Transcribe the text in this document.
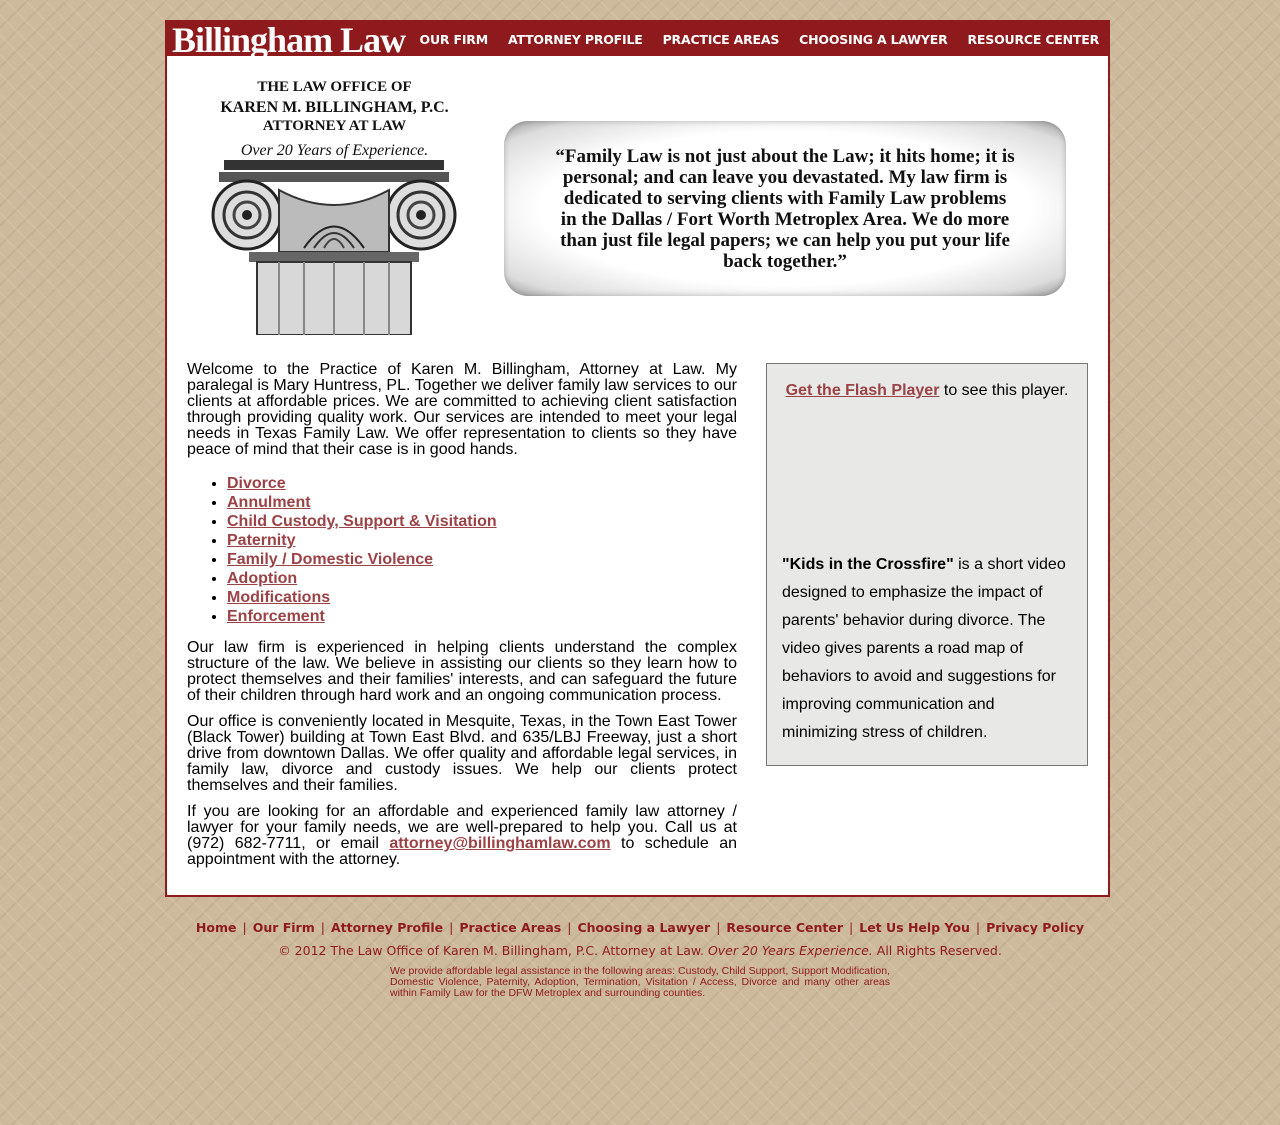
Billingham Law OUR FIRM ATTORNEY PROFILE PRACTICE AREAS CHOOSING A LAWYER RESOURCE CENTER
THE LAW OFFICE OF
KAREN M. BILLINGHAM, P.C.
ATTORNEY AT LAW
Over 20 Years of Experience.	“Family Law is not just about the Law; it hits home; it is personal; and can leave you devastated. My law firm is dedicated to serving clients with Family Law problems in the Dallas / Fort Worth Metroplex Area. We do more than just file legal papers; we can help you put your life back together.”

Welcome to the Practice of Karen M. Billingham, Attorney at Law. My paralegal is Mary Huntress, PL. Together we deliver family law services to our clients at affordable prices. We are committed to achieving client satisfaction through providing quality work. Our services are intended to meet your legal needs in Texas Family Law. We offer representation to clients so they have peace of mind that their case is in good hands.

• Divorce
• Annulment
• Child Custody, Support & Visitation
• Paternity
• Family / Domestic Violence
• Adoption
• Modifications
• Enforcement

Our law firm is experienced in helping clients understand the complex structure of the law. We believe in assisting our clients so they learn how to protect themselves and their families' interests, and can safeguard the future of their children through hard work and an ongoing communication process.

Our office is conveniently located in Mesquite, Texas, in the Town East Tower (Black Tower) building at Town East Blvd. and 635/LBJ Freeway, just a short drive from downtown Dallas. We offer quality and affordable legal services, in family law, divorce and custody issues. We help our clients protect themselves and their families.

If you are looking for an affordable and experienced family law attorney / lawyer for your family needs, we are well-prepared to help you. Call us at (972) 682-7711, or email attorney@billinghamlaw.com to schedule an appointment with the attorney.

Get the Flash Player to see this player.
"Kids in the Crossfire" is a short video designed to emphasize the impact of parents' behavior during divorce. The video gives parents a road map of behaviors to avoid and suggestions for improving communication and minimizing stress of children.
Home | Our Firm | Attorney Profile | Practice Areas | Choosing a Lawyer | Resource Center | Let Us Help You | Privacy Policy
© 2012 The Law Office of Karen M. Billingham, P.C. Attorney at Law. Over 20 Years Experience. All Rights Reserved.
We provide affordable legal assistance in the following areas: Custody, Child Support, Support Modification, Domestic Violence, Paternity, Adoption, Termination, Visitation / Access, Divorce and many other areas within Family Law for the DFW Metroplex and surrounding counties.
